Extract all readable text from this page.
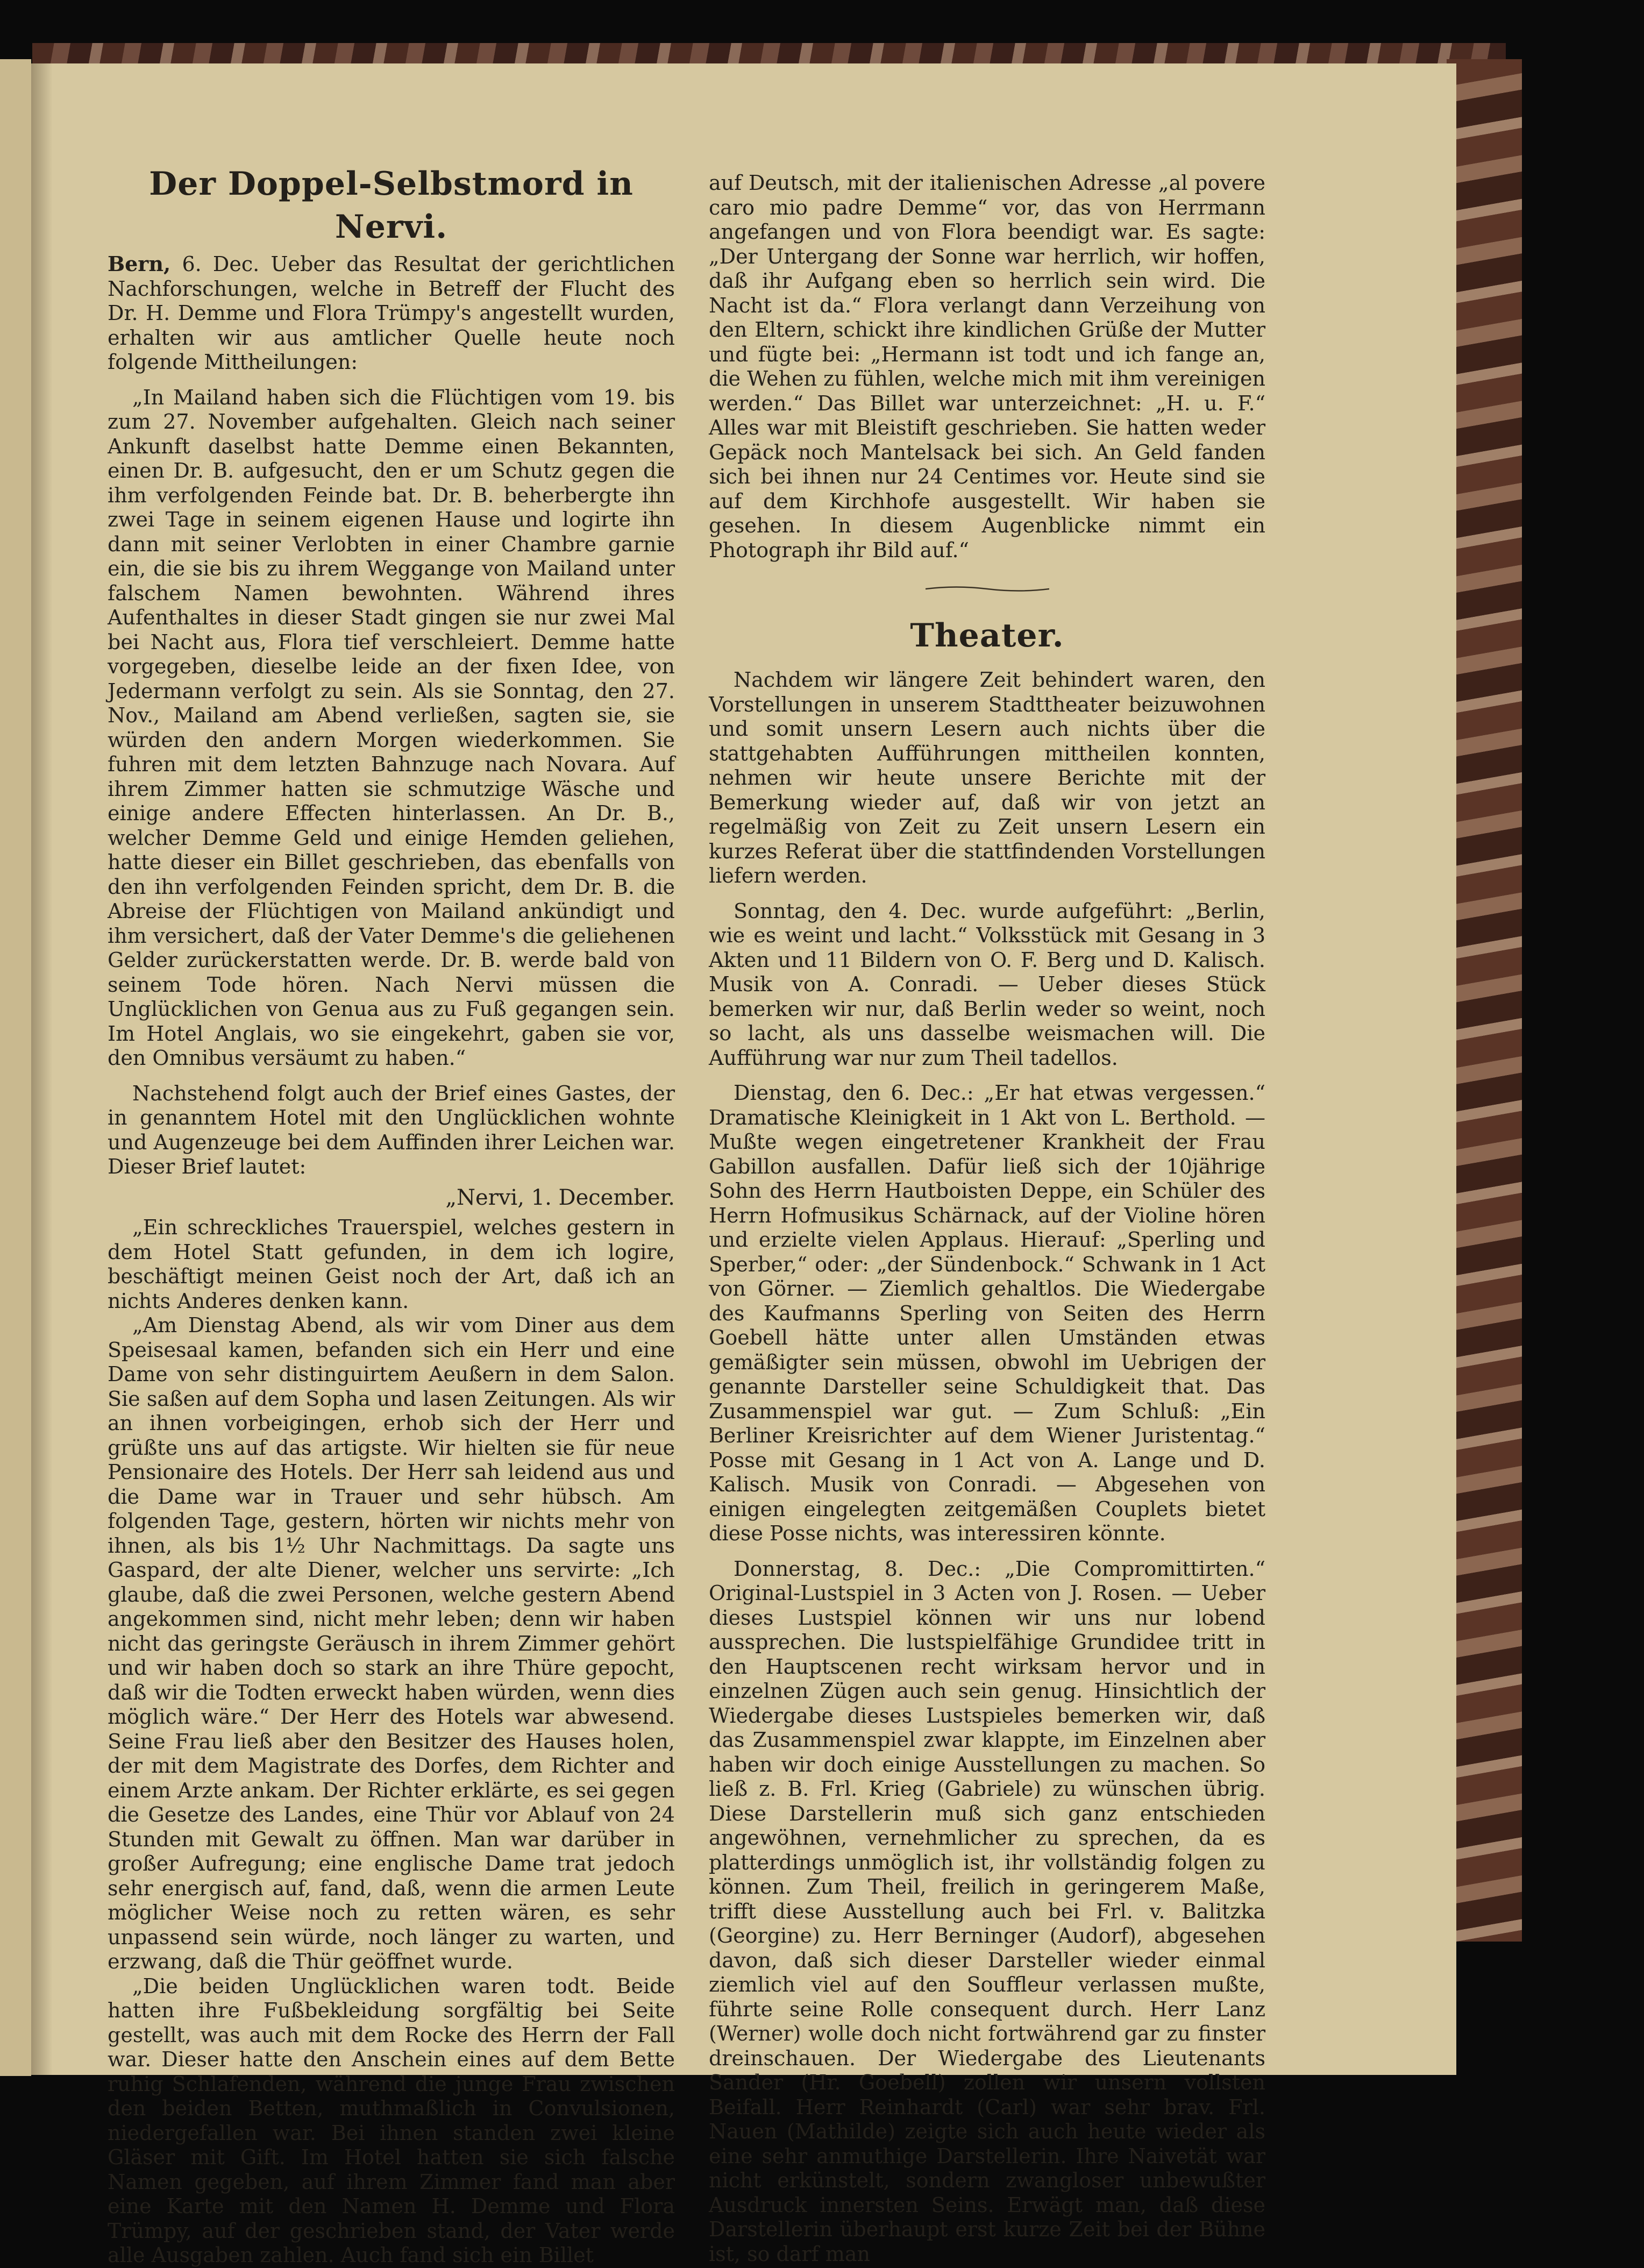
Der Doppel-Selbstmord in Nervi.

Bern, 6. Dec. Ueber das Resultat der gerichtlichen Nachforschungen, welche in Betreff der Flucht des Dr. H. Demme und Flora Trümpy's angestellt wurden, erhalten wir aus amtlicher Quelle heute noch folgende Mittheilungen:

„In Mailand haben sich die Flüchtigen vom 19. bis zum 27. November aufgehalten. Gleich nach seiner Ankunft daselbst hatte Demme einen Bekannten, einen Dr. B. aufgesucht, den er um Schutz gegen die ihm verfolgenden Feinde bat. Dr. B. beherbergte ihn zwei Tage in seinem eigenen Hause und logirte ihn dann mit seiner Verlobten in einer Chambre garnie ein, die sie bis zu ihrem Weggange von Mailand unter falschem Namen bewohnten. Während ihres Aufenthaltes in dieser Stadt gingen sie nur zwei Mal bei Nacht aus, Flora tief verschleiert. Demme hatte vorgegeben, dieselbe leide an der fixen Idee, von Jedermann verfolgt zu sein. Als sie Sonntag, den 27. Nov., Mailand am Abend verließen, sagten sie, sie würden den andern Morgen wiederkommen. Sie fuhren mit dem letzten Bahnzuge nach Novara. Auf ihrem Zimmer hatten sie schmutzige Wäsche und einige andere Effecten hinterlassen. An Dr. B., welcher Demme Geld und einige Hemden geliehen, hatte dieser ein Billet geschrieben, das ebenfalls von den ihn verfolgenden Feinden spricht, dem Dr. B. die Abreise der Flüchtigen von Mailand ankündigt und ihm versichert, daß der Vater Demme's die geliehenen Gelder zurückerstatten werde. Dr. B. werde bald von seinem Tode hören. Nach Nervi müssen die Unglücklichen von Genua aus zu Fuß gegangen sein. Im Hotel Anglais, wo sie eingekehrt, gaben sie vor, den Omnibus versäumt zu haben.“

Nachstehend folgt auch der Brief eines Gastes, der in genanntem Hotel mit den Unglücklichen wohnte und Augenzeuge bei dem Auffinden ihrer Leichen war. Dieser Brief lautet:

„Nervi, 1. December.

„Ein schreckliches Trauerspiel, welches gestern in dem Hotel Statt gefunden, in dem ich logire, beschäftigt meinen Geist noch der Art, daß ich an nichts Anderes denken kann.

„Am Dienstag Abend, als wir vom Diner aus dem Speisesaal kamen, befanden sich ein Herr und eine Dame von sehr distinguirtem Aeußern in dem Salon. Sie saßen auf dem Sopha und lasen Zeitungen. Als wir an ihnen vorbeigingen, erhob sich der Herr und grüßte uns auf das artigste. Wir hielten sie für neue Pensionaire des Hotels. Der Herr sah leidend aus und die Dame war in Trauer und sehr hübsch. Am folgenden Tage, gestern, hörten wir nichts mehr von ihnen, als bis 1½ Uhr Nachmittags. Da sagte uns Gaspard, der alte Diener, welcher uns servirte: „Ich glaube, daß die zwei Personen, welche gestern Abend angekommen sind, nicht mehr leben; denn wir haben nicht das geringste Geräusch in ihrem Zimmer gehört und wir haben doch so stark an ihre Thüre gepocht, daß wir die Todten erweckt haben würden, wenn dies möglich wäre.“ Der Herr des Hotels war abwesend. Seine Frau ließ aber den Besitzer des Hauses holen, der mit dem Magistrate des Dorfes, dem Richter and einem Arzte ankam. Der Richter erklärte, es sei gegen die Gesetze des Landes, eine Thür vor Ablauf von 24 Stunden mit Gewalt zu öffnen. Man war darüber in großer Aufregung; eine englische Dame trat jedoch sehr energisch auf, fand, daß, wenn die armen Leute möglicher Weise noch zu retten wären, es sehr unpassend sein würde, noch länger zu warten, und erzwang, daß die Thür geöffnet wurde.

„Die beiden Unglücklichen waren todt. Beide hatten ihre Fußbekleidung sorgfältig bei Seite gestellt, was auch mit dem Rocke des Herrn der Fall war. Dieser hatte den Anschein eines auf dem Bette ruhig Schlafenden, während die junge Frau zwischen den beiden Betten, muthmaßlich in Convulsionen, niedergefallen war. Bei ihnen standen zwei kleine Gläser mit Gift. Im Hotel hatten sie sich falsche Namen gegeben, auf ihrem Zimmer fand man aber eine Karte mit den Namen H. Demme und Flora Trümpy, auf der geschrieben stand, der Vater werde alle Ausgaben zahlen. Auch fand sich ein Billet

auf Deutsch, mit der italienischen Adresse „al povere caro mio padre Demme“ vor, das von Herrmann angefangen und von Flora beendigt war. Es sagte: „Der Untergang der Sonne war herrlich, wir hoffen, daß ihr Aufgang eben so herrlich sein wird. Die Nacht ist da.“ Flora verlangt dann Verzeihung von den Eltern, schickt ihre kindlichen Grüße der Mutter und fügte bei: „Hermann ist todt und ich fange an, die Wehen zu fühlen, welche mich mit ihm vereinigen werden.“ Das Billet war unterzeichnet: „H. u. F.“ Alles war mit Bleistift geschrieben. Sie hatten weder Gepäck noch Mantelsack bei sich. An Geld fanden sich bei ihnen nur 24 Centimes vor. Heute sind sie auf dem Kirchhofe ausgestellt. Wir haben sie gesehen. In diesem Augenblicke nimmt ein Photograph ihr Bild auf.“

Theater.

Nachdem wir längere Zeit behindert waren, den Vorstellungen in unserem Stadttheater beizuwohnen und somit unsern Lesern auch nichts über die stattgehabten Aufführungen mittheilen konnten, nehmen wir heute unsere Berichte mit der Bemerkung wieder auf, daß wir von jetzt an regelmäßig von Zeit zu Zeit unsern Lesern ein kurzes Referat über die stattfindenden Vorstellungen liefern werden.

Sonntag, den 4. Dec. wurde aufgeführt: „Berlin, wie es weint und lacht.“ Volksstück mit Gesang in 3 Akten und 11 Bildern von O. F. Berg und D. Kalisch. Musik von A. Conradi. — Ueber dieses Stück bemerken wir nur, daß Berlin weder so weint, noch so lacht, als uns dasselbe weismachen will. Die Aufführung war nur zum Theil tadellos.

Dienstag, den 6. Dec.: „Er hat etwas vergessen.“ Dramatische Kleinigkeit in 1 Akt von L. Berthold. — Mußte wegen eingetretener Krankheit der Frau Gabillon ausfallen. Dafür ließ sich der 10jährige Sohn des Herrn Hautboisten Deppe, ein Schüler des Herrn Hofmusikus Schärnack, auf der Violine hören und erzielte vielen Applaus. Hierauf: „Sperling und Sperber,“ oder: „der Sündenbock.“ Schwank in 1 Act von Görner. — Ziemlich gehaltlos. Die Wiedergabe des Kaufmanns Sperling von Seiten des Herrn Goebell hätte unter allen Umständen etwas gemäßigter sein müssen, obwohl im Uebrigen der genannte Darsteller seine Schuldigkeit that. Das Zusammenspiel war gut. — Zum Schluß: „Ein Berliner Kreisrichter auf dem Wiener Juristentag.“ Posse mit Gesang in 1 Act von A. Lange und D. Kalisch. Musik von Conradi. — Abgesehen von einigen eingelegten zeitgemäßen Couplets bietet diese Posse nichts, was interessiren könnte.

Donnerstag, 8. Dec.: „Die Compromittirten.“ Original-Lustspiel in 3 Acten von J. Rosen. — Ueber dieses Lustspiel können wir uns nur lobend aussprechen. Die lustspielfähige Grundidee tritt in den Hauptscenen recht wirksam hervor und in einzelnen Zügen auch sein genug. Hinsichtlich der Wiedergabe dieses Lustspieles bemerken wir, daß das Zusammenspiel zwar klappte, im Einzelnen aber haben wir doch einige Ausstellungen zu machen. So ließ z. B. Frl. Krieg (Gabriele) zu wünschen übrig. Diese Darstellerin muß sich ganz entschieden angewöhnen, vernehmlicher zu sprechen, da es platterdings unmöglich ist, ihr vollständig folgen zu können. Zum Theil, freilich in geringerem Maße, trifft diese Ausstellung auch bei Frl. v. Balitzka (Georgine) zu. Herr Berninger (Audorf), abgesehen davon, daß sich dieser Darsteller wieder einmal ziemlich viel auf den Souffleur verlassen mußte, führte seine Rolle consequent durch. Herr Lanz (Werner) wolle doch nicht fortwährend gar zu finster dreinschauen. Der Wiedergabe des Lieutenants Sander (Hr. Goebell) zollen wir unsern vollsten Beifall. Herr Reinhardt (Carl) war sehr brav. Frl. Nauen (Mathilde) zeigte sich auch heute wieder als eine sehr anmuthige Darstellerin. Ihre Naivetät war nicht erkünstelt, sondern zwangloser unbewußter Ausdruck innersten Seins. Erwägt man, daß diese Darstellerin überhaupt erst kurze Zeit bei der Bühne ist, so darf man
